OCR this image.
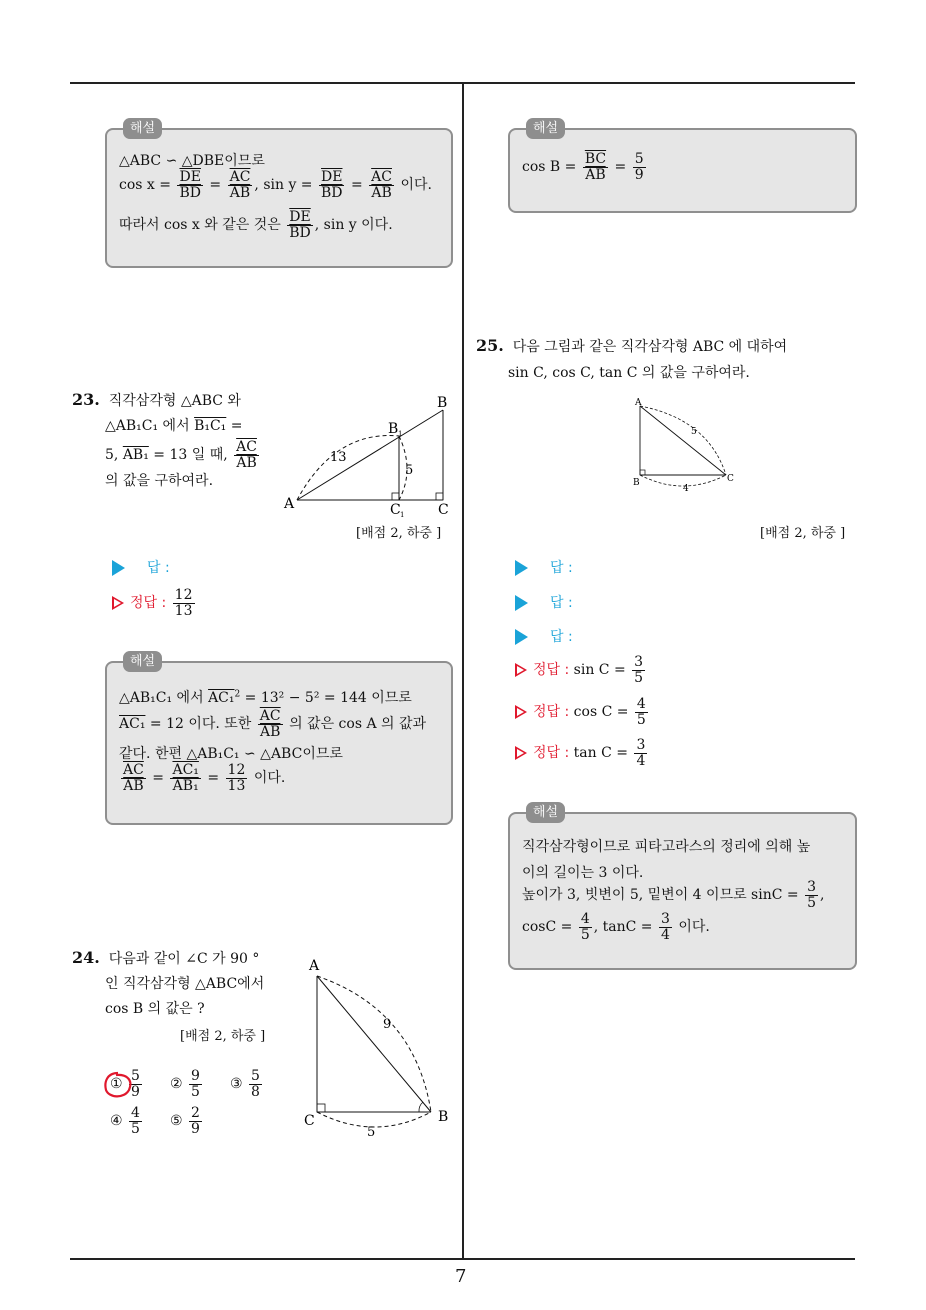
7
해설
△ABC ∽ △DBE이므로
$\cos x = \frac{\overline{DE}}{BD} = \frac{\overline{AC}}{AB}$ , $\sin y = \frac{\overline{DE}}{BD} = \frac{\overline{AC}}{AB}$ 이다.
따라서 cos x 와 같은 것은 $\frac{\overline{DE}}{BD}$ , sin y 이다.
23. 직각삼각형 △ABC 와
△AB₁C₁ 에서 B₁C₁ =
5, AB₁ = 13 일 때, $\frac{\overline{AC}}{AB}$
의 값을 구하여라.
A
B
C
B 1
C 1
13
5
[배점 2, 하중 ]
답 :
정답 : $\frac{12}{13}$
해설
△AB₁C₁ 에서 AC₁$^2$ = 13² − 5² = 144 이므로
AC₁ = 12 이다. 또한 $\frac{\overline{AC}}{AB}$ 의 값은 cos A 의 값과
같다. 한편 △AB₁C₁ ∽ △ABC이므로
$\frac{\overline{AC}}{AB} = \frac{\text{AC₁}}{\text{AB₁}} = \frac{12}{13}$ 이다.
24. 다음과 같이 ∠C 가 90 °
인 직각삼각형 △ABC에서
cos B 의 값은 ?
[배점 2, 하중 ]
A
C	B
9
5
① $\frac{5}{9}$ ② $\frac{9}{5}$ ③ $\frac{5}{8}$
④ $\frac{4}{5}$ ⑤ $\frac{2}{9}$
해설
$\cos B = \frac{\overline{BC}}{AB} = \frac{5}{9}$
25. 다음 그림과 같은 직각삼각형 ABC 에 대하여
sin C, cos C, tan C 의 값을 구하여라.
A
B	C
5
4
[배점 2, 하중 ]
답 :
답 :
답 :
정답 : $\sin C = \frac{3}{5}$
정답 : $\cos C = \frac{4}{5}$
정답 : $\tan C = \frac{3}{4}$
해설
직각삼각형이므로 피타고라스의 정리에 의해 높
이의 길이는 3 이다.
높이가 3, 빗변이 5, 밑변이 4 이므로 $\sin C = \frac{3}{5}$ ,
$\cos C = \frac{4}{5}$ , $\tan C = \frac{3}{4}$ 이다.
